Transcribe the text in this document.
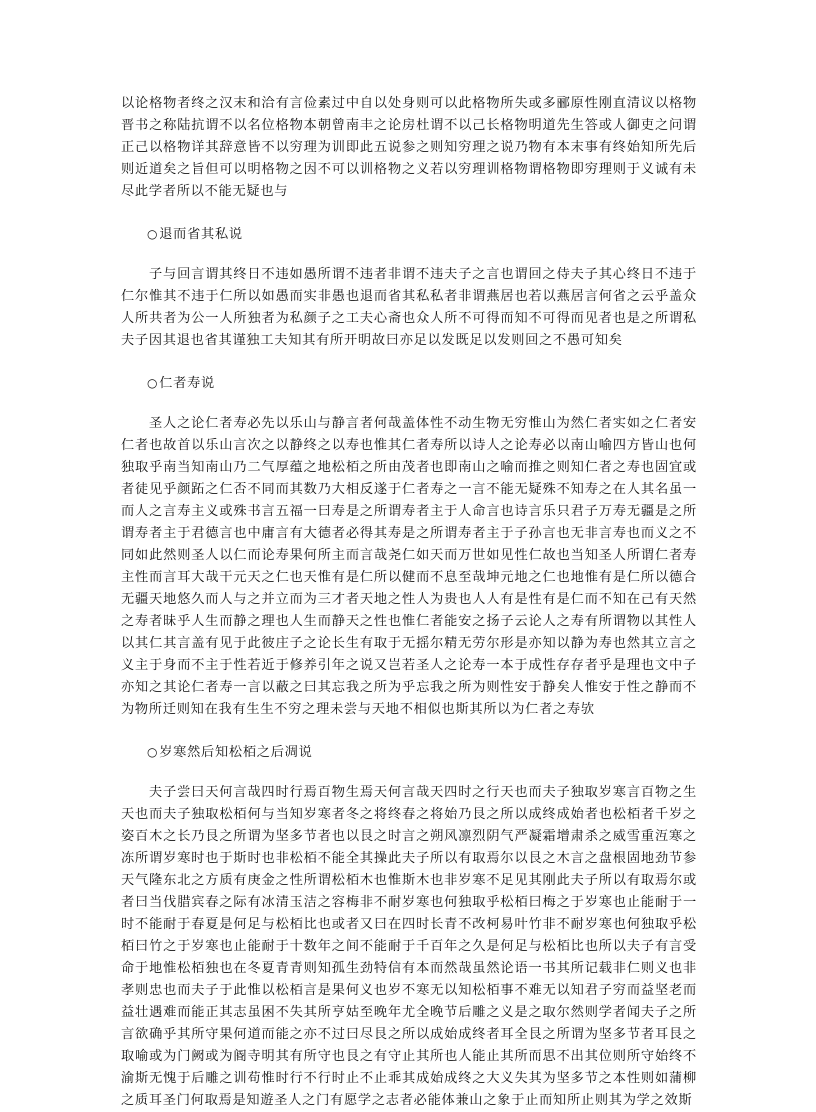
以论格物者终之汉末和洽有言俭素过中自以处身则可以此格物所失或多郦原性刚直清议以格物晋书之称陆抗谓不以名位格物本朝曾南丰之论房杜谓不以己长格物明道先生答或人御吏之问谓正己以格物详其辞意皆不以穷理为训即此五说参之则知穷理之说乃物有本末事有终始知所先后则近道矣之旨但可以明格物之因不可以训格物之义若以穷理训格物谓格物即穷理则于义诚有未尽此学者所以不能无疑也与

○退而省其私说

子与回言谓其终日不违如愚所谓不违者非谓不违夫子之言也谓回之侍夫子其心终日不违于仁尔惟其不违于仁所以如愚而实非愚也退而省其私私者非谓燕居也若以燕居言何省之云乎盖众人所共者为公一人所独者为私颜子之工夫心斋也众人所不可得而知不可得而见者也是之所谓私夫子因其退也省其谨独工夫知其有所开明故曰亦足以发既足以发则回之不愚可知矣

○仁者寿说

圣人之论仁者寿必先以乐山与静言者何哉盖体性不动生物无穷惟山为然仁者实如之仁者安仁者也故首以乐山言次之以静终之以寿也惟其仁者寿所以诗人之论寿必以南山喻四方皆山也何独取乎南当知南山乃二气厚蕴之地松栢之所由茂者也即南山之喻而推之则知仁者之寿也固宜或者徒见乎颜跖之仁否不同而其数乃大相反遂于仁者寿之一言不能无疑殊不知寿之在人其名虽一而人之言寿主义或殊书言五福一曰寿是之所谓寿者主于人命言也诗言乐只君子万寿无疆是之所谓寿者主于君德言也中庸言有大德者必得其寿是之所谓寿者主于子孙言也无非言寿也而义之不同如此然则圣人以仁而论寿果何所主而言哉尧仁如天而万世如见性仁故也当知圣人所谓仁者寿主性而言耳大哉干元天之仁也天惟有是仁所以健而不息至哉坤元地之仁也地惟有是仁所以德合无疆天地悠久而人与之并立而为三才者天地之性人为贵也人人有是性有是仁而不知在己有天然之寿者昧乎人生而静之理也人生而静天之性也惟仁者能安之扬子云论人之寿有所谓物以其性人以其仁其言盖有见于此彼庄子之论长生有取于无摇尔精无劳尔形是亦知以静为寿也然其立言之义主于身而不主于性若近于修养引年之说又岂若圣人之论寿一本于成性存存者乎是理也文中子亦知之其论仁者寿一言以蔽之曰其忘我之所为乎忘我之所为则性安于静矣人惟安于性之静而不为物所迁则知在我有生生不穷之理未尝与天地不相似也斯其所以为仁者之寿欤

○岁寒然后知松栢之后凋说

夫子尝曰天何言哉四时行焉百物生焉天何言哉天四时之行天也而夫子独取岁寒言百物之生天也而夫子独取松栢何与当知岁寒者冬之将终春之将始乃艮之所以成终成始者也松栢者千岁之姿百木之长乃艮之所谓为坚多节者也以艮之时言之朔风凛烈阴气严凝霜增肃杀之威雪重沍寒之冻所谓岁寒时也于斯时也非松栢不能全其操此夫子所以有取焉尔以艮之木言之盘根固地劲节参天气隆东北之方质有庚金之性所谓松栢木也惟斯木也非岁寒不足见其刚此夫子所以有取焉尔或者曰当伐腊宾春之际有冰清玉洁之容梅非不耐岁寒也何独取乎松栢曰梅之于岁寒也止能耐于一时不能耐于春夏是何足与松栢比也或者又曰在四时长青不改柯易叶竹非不耐岁寒也何独取乎松栢曰竹之于岁寒也止能耐于十数年之间不能耐于千百年之久是何足与松栢比也所以夫子有言受命于地惟松栢独也在冬夏青青则知孤生劲特信有本而然哉虽然论语一书其所记载非仁则义也非孝则忠也而夫子于此惟以松栢言是果何义也岁不寒无以知松栢事不难无以知君子穷而益坚老而益壮遇难而能正其志虽困不失其所亨姑至晚年尤全晚节后雕之义是之取尔然则学者闻夫子之所言欲确乎其所守果何道而能之亦不过曰尽艮之所以成始成终者耳全艮之所谓为坚多节者耳艮之取喻或为门阙或为阍寺明其有所守也艮之有守止其所也人能止其所而思不出其位则所守始终不渝斯无愧于后雕之训苟惟时行不行时止不止乖其成始成终之大义失其为坚多节之本性则如蒲柳之质耳圣门何取焉是知遊圣人之门有愿学之志者必能体兼山之象于止而知所止则其为学之效斯
